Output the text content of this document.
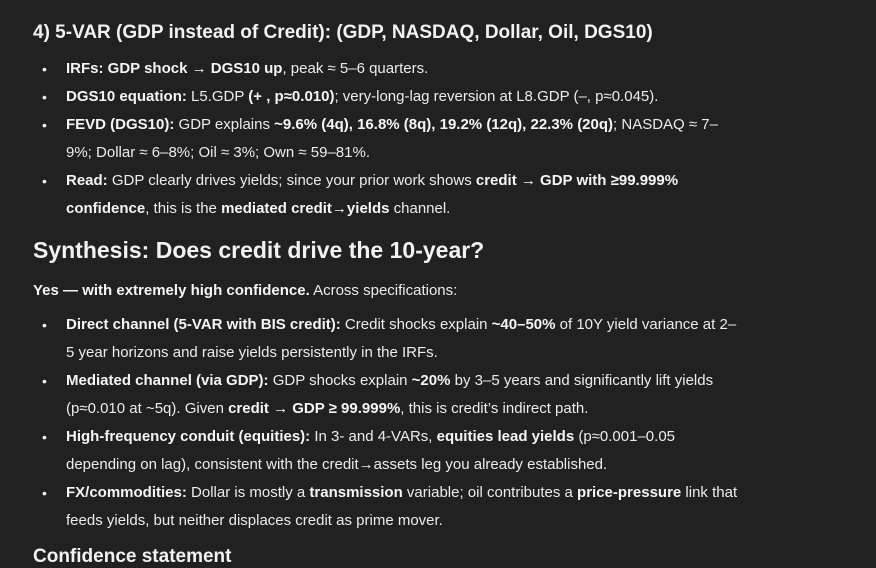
4) 5-VAR (GDP instead of Credit): (GDP, NASDAQ, Dollar, Oil, DGS10)
• IRFs: GDP shock → DGS10 up, peak ≈ 5–6 quarters.
• DGS10 equation: L5.GDP (+ , p≈0.010); very-long-lag reversion at L8.GDP (–, p≈0.045).
• FEVD (DGS10): GDP explains ~9.6% (4q), 16.8% (8q), 19.2% (12q), 22.3% (20q); NASDAQ ≈ 7–
9%; Dollar ≈ 6–8%; Oil ≈ 3%; Own ≈ 59–81%.
• Read: GDP clearly drives yields; since your prior work shows credit → GDP with ≥99.999%
confidence, this is the mediated credit→yields channel.
Synthesis: Does credit drive the 10-year?

Yes — with extremely high confidence. Across specifications:

• Direct channel (5-VAR with BIS credit): Credit shocks explain ~40–50% of 10Y yield variance at 2–
5 year horizons and raise yields persistently in the IRFs.
• Mediated channel (via GDP): GDP shocks explain ~20% by 3–5 years and significantly lift yields
(p≈0.010 at ~5q). Given credit → GDP ≥ 99.999%, this is credit’s indirect path.
• High-frequency conduit (equities): In 3- and 4-VARs, equities lead yields (p≈0.001–0.05
depending on lag), consistent with the credit→assets leg you already established.
• FX/commodities: Dollar is mostly a transmission variable; oil contributes a price-pressure link that
feeds yields, but neither displaces credit as prime mover.
Confidence statement
